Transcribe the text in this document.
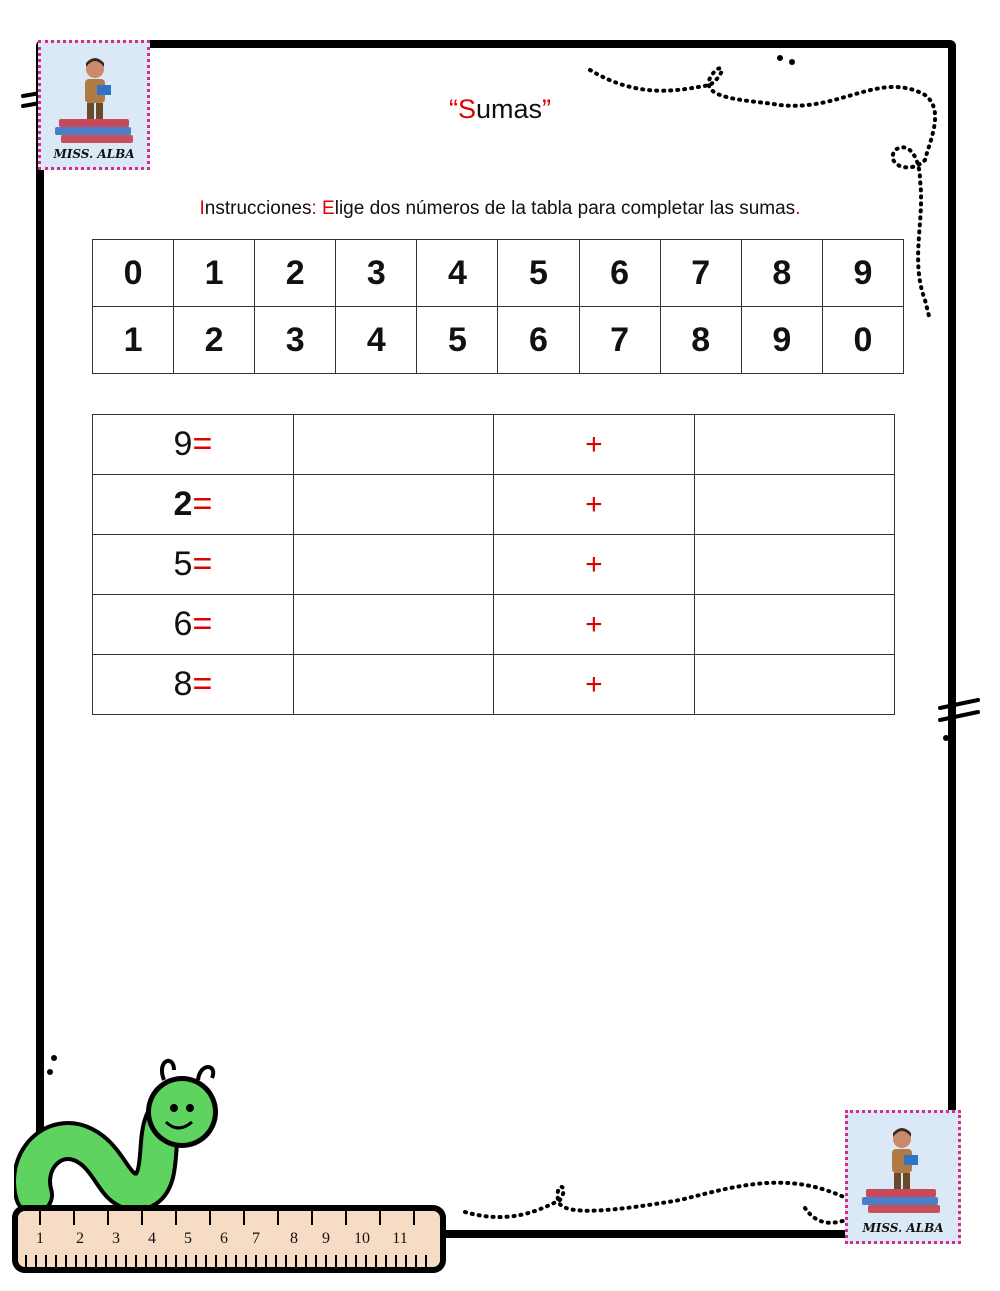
“Sumas”
Instrucciones: Elige dos números de la tabla para completar las sumas.
0	1	2	3	4	5	6	7	8	9
1	2	3	4	5	6	7	8	9	0
9=		+	
2=		+	
5=		+	
6=		+	
8=		+	
MISS. ALBA
MISS. ALBA
1 2 3 4 5 6 7 8 9 10 11
